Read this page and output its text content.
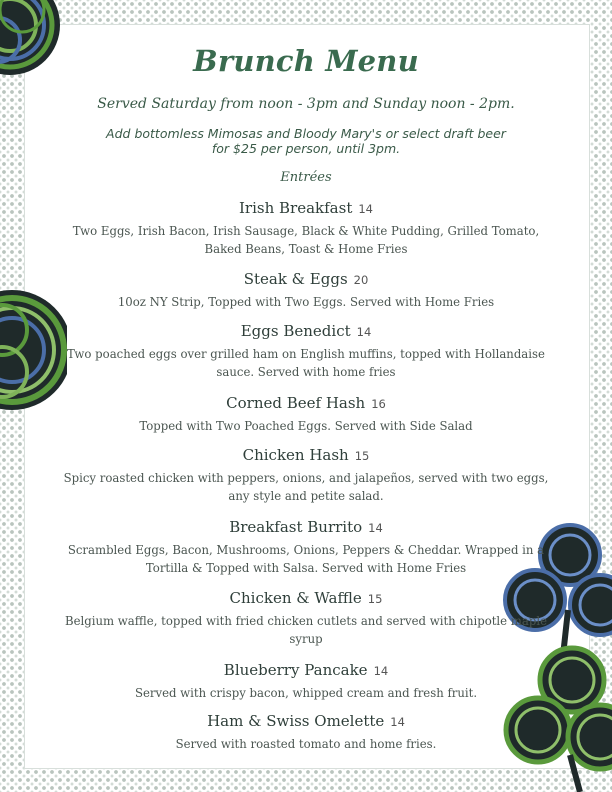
Brunch Menu
Served Saturday from noon - 3pm and Sunday noon - 2pm.
Add bottomless Mimosas and Bloody Mary's or select draft beer
for $25 per person, until 3pm.
Entrées
Irish Breakfast 14
Two Eggs, Irish Bacon, Irish Sausage, Black & White Pudding, Grilled Tomato, Baked Beans, Toast & Home Fries
Steak & Eggs 20
10oz NY Strip, Topped with Two Eggs. Served with Home Fries
Eggs Benedict 14
Two poached eggs over grilled ham on English muffins, topped with Hollandaise sauce. Served with home fries
Corned Beef Hash 16
Topped with Two Poached Eggs. Served with Side Salad
Chicken Hash 15
Spicy roasted chicken with peppers, onions, and jalapeños, served with two eggs, any style and petite salad.
Breakfast Burrito 14
Scrambled Eggs, Bacon, Mushrooms, Onions, Peppers & Cheddar. Wrapped in a Tortilla & Topped with Salsa. Served with Home Fries
Chicken & Waffle 15
Belgium waffle, topped with fried chicken cutlets and served with chipotle maple syrup
Blueberry Pancake 14
Served with crispy bacon, whipped cream and fresh fruit.
Ham & Swiss Omelette 14
Served with roasted tomato and home fries.
